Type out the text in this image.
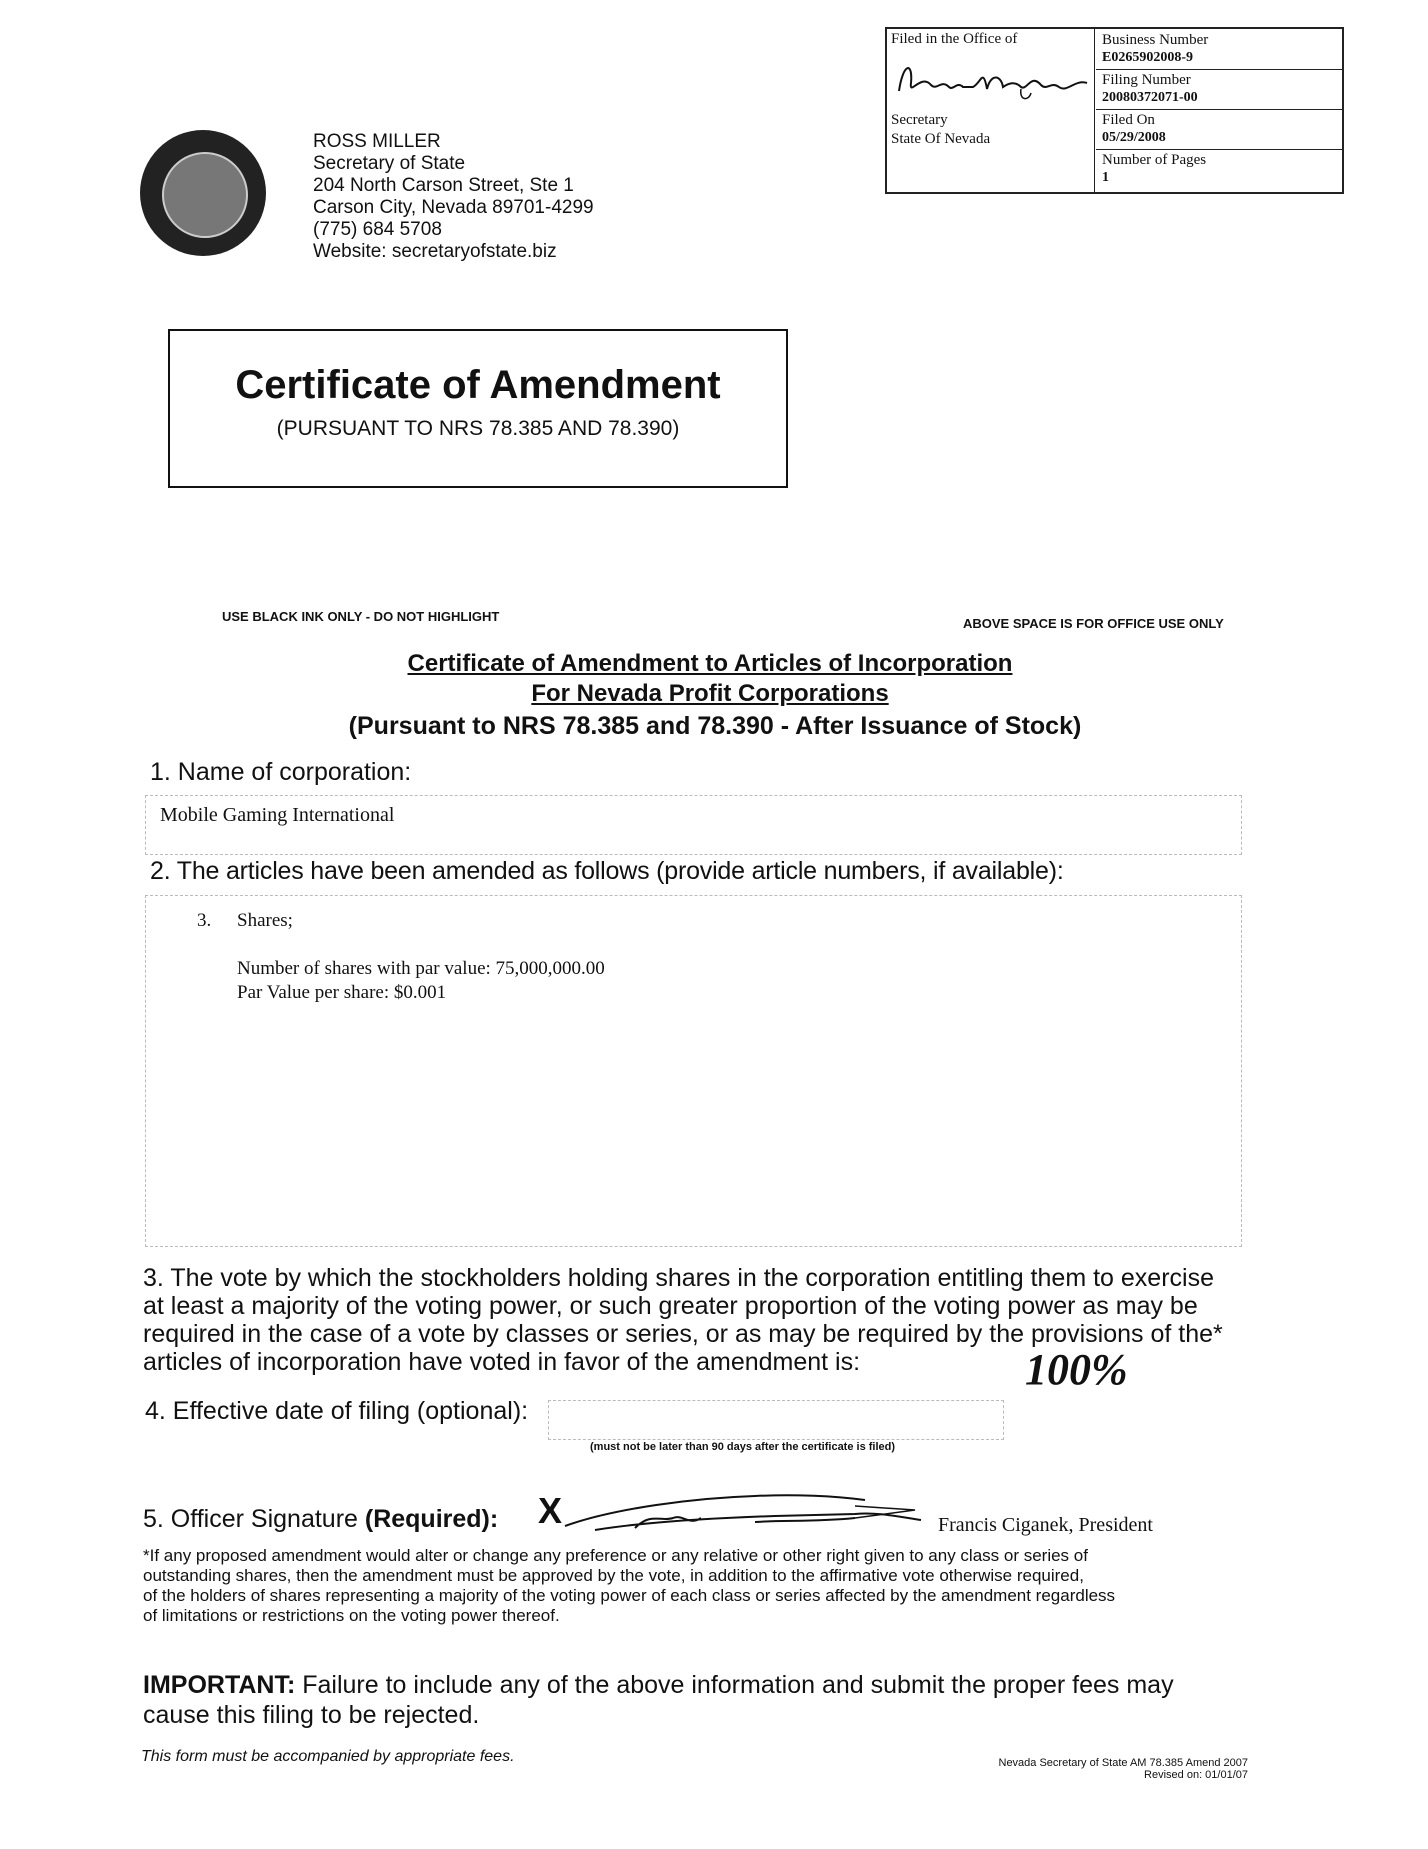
Filed in the Office of
Secretary
State Of Nevada
Business Number
E0265902008-9
Filing Number
20080372071-00
Filed On
05/29/2008
Number of Pages
1
ROSS MILLER
Secretary of State
204 North Carson Street, Ste 1
Carson City, Nevada 89701-4299
(775) 684 5708
Website: secretaryofstate.biz
Certificate of Amendment
(PURSUANT TO NRS 78.385 AND 78.390)
USE BLACK INK ONLY - DO NOT HIGHLIGHT	ABOVE SPACE IS FOR OFFICE USE ONLY
Certificate of Amendment to Articles of Incorporation
For Nevada Profit Corporations
(Pursuant to NRS 78.385 and 78.390 - After Issuance of Stock)
1. Name of corporation:
Mobile Gaming International
2. The articles have been amended as follows (provide article numbers, if available):
3. Shares;
Number of shares with par value: 75,000,000.00
Par Value per share: $0.001
3. The vote by which the stockholders holding shares in the corporation entitling them to exercise
at least a majority of the voting power, or such greater proportion of the voting power as may be
required in the case of a vote by classes or series, or as may be required by the provisions of the*
articles of incorporation have voted in favor of the amendment is:	100%
4. Effective date of filing (optional):
(must not be later than 90 days after the certificate is filed)
5. Officer Signature (Required): X	Francis Ciganek, President
*If any proposed amendment would alter or change any preference or any relative or other right given to any class or series of
outstanding shares, then the amendment must be approved by the vote, in addition to the affirmative vote otherwise required,
of the holders of shares representing a majority of the voting power of each class or series affected by the amendment regardless
of limitations or restrictions on the voting power thereof.
IMPORTANT: Failure to include any of the above information and submit the proper fees may
cause this filing to be rejected.
This form must be accompanied by appropriate fees.	Nevada Secretary of State AM 78.385 Amend 2007
Revised on: 01/01/07
